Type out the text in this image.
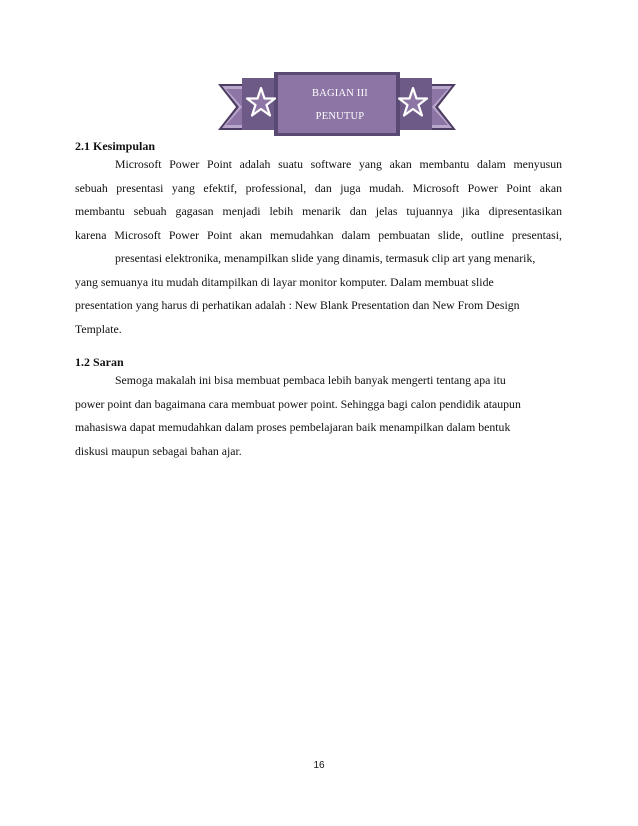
BAGIAN III
PENUTUP
2.1 Kesimpulan

Microsoft Power Point adalah suatu software yang akan membantu dalam menyusun
sebuah presentasi yang efektif, professional, dan juga mudah. Microsoft Power Point akan
membantu sebuah gagasan menjadi lebih menarik dan jelas tujuannya jika dipresentasikan
karena Microsoft Power Point akan memudahkan dalam pembuatan slide, outline presentasi,

presentasi elektronika, menampilkan slide yang dinamis, termasuk clip art yang menarik,
yang semuanya itu mudah ditampilkan di layar monitor komputer. Dalam membuat slide
presentation yang harus di perhatikan adalah : New Blank Presentation dan New From Design
Template.

1.2 Saran

Semoga makalah ini bisa membuat pembaca lebih banyak mengerti tentang apa itu
power point dan bagaimana cara membuat power point. Sehingga bagi calon pendidik ataupun
mahasiswa dapat memudahkan dalam proses pembelajaran baik menampilkan dalam bentuk
diskusi maupun sebagai bahan ajar.

16
